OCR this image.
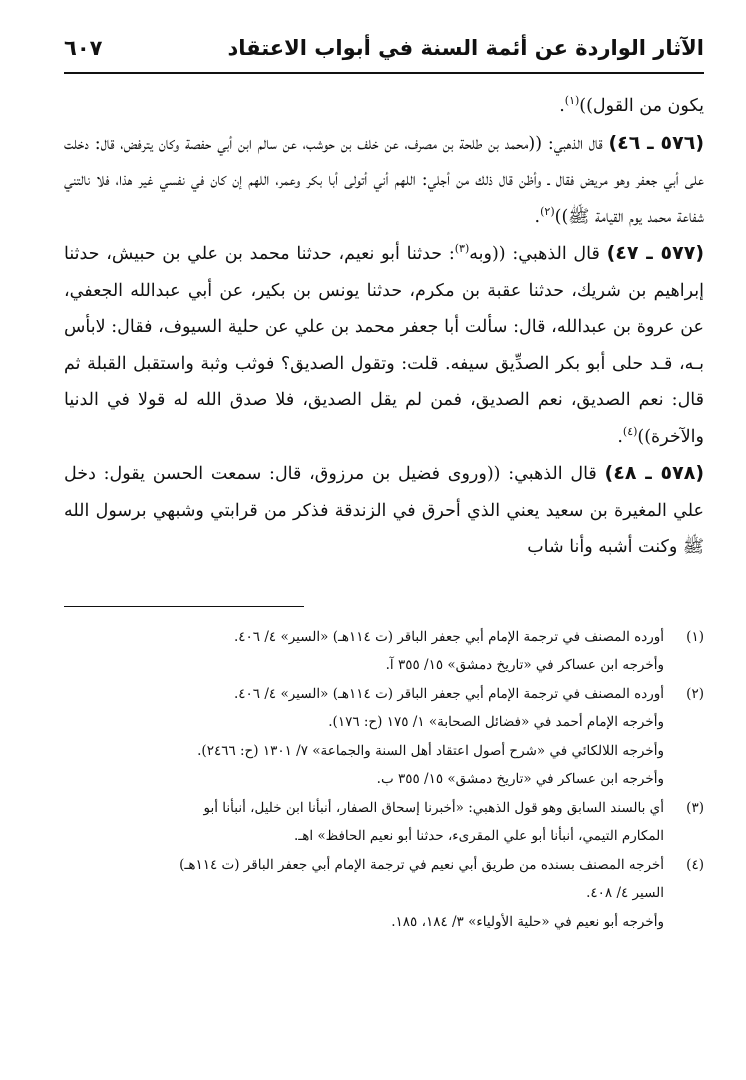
الآثار الواردة عن أئمة السنة في أبواب الاعتقاد
٦٠٧

يكون من القول))$^{(١)}$.

(٥٧٦ ـ ٤٦) قال الذهبي: ((محمد بن طلحة بن مصرف، عن خلف بن حوشب، عن سالم ابن أبي حفصة وكان يترفض، قال: دخلت على أبي جعفر وهو مريض فقال ـ وأظن قال ذلك من أجلي: اللهم أني أتولى أبا بكر وعمر، اللهم إن كان في نفسي غير هذا، فلا نالتني شفاعة محمد يوم القيامة ﷺ))$^{(٢)}$.

(٥٧٧ ـ ٤٧) قال الذهبي: ((وبه$^{(٣)}$: حدثنا أبو نعيم، حدثنا محمد بن علي بن حبيش، حدثنا إبراهيم بن شريك، حدثنا عقبة بن مكرم، حدثنا يونس بن بكير، عن أبي عبدالله الجعفي، عن عروة بن عبدالله، قال: سألت أبا جعفر محمد بن علي عن حلية السيوف، فقال: لابأس بـه، قـد حلى أبو بكر الصدِّيق سيفه. قلت: وتقول الصديق؟ فوثب وثبة واستقبل القبلة ثم قال: نعم الصديق، نعم الصديق، فمن لم يقل الصديق، فلا صدق الله له قولا في الدنيا والآخرة))$^{(٤)}$.

(٥٧٨ ـ ٤٨) قال الذهبي: ((وروى فضيل بن مرزوق، قال: سمعت الحسن يقول: دخل علي المغيرة بن سعيد يعني الذي أحرق في الزندقة فذكر من قرابتي وشبهي برسول الله ﷺ وكنت أشبه وأنا شاب

(١)
أورده المصنف في ترجمة الإمام أبي جعفر الباقر (ت ١١٤هـ) «السير» ٤/ ٤٠٦.
وأخرجه ابن عساكر في «تاريخ دمشق» ١٥/ ٣٥٥ آ.
(٢)
أورده المصنف في ترجمة الإمام أبي جعفر الباقر (ت ١١٤هـ) «السير» ٤/ ٤٠٦.
وأخرجه الإمام أحمد في «فضائل الصحابة» ١/ ١٧٥ (ح: ١٧٦).
وأخرجه اللالكائي في «شرح أصول اعتقاد أهل السنة والجماعة» ٧/ ١٣٠١ (ح: ٢٤٦٦).
وأخرجه ابن عساكر في «تاريخ دمشق» ١٥/ ٣٥٥ ب.
(٣)
أي بالسند السابق وهو قول الذهبي: «أخبرنا إسحاق الصفار، أنبأنا ابن خليل، أنبأنا أبو
المكارم التيمي، أنبأنا أبو علي المقرىء، حدثنا أبو نعيم الحافظ» اهـ.
(٤)
أخرجه المصنف بسنده من طريق أبي نعيم في ترجمة الإمام أبي جعفر الباقر (ت ١١٤هـ)
السير ٤/ ٤٠٨.
وأخرجه أبو نعيم في «حلية الأولياء» ٣/ ١٨٤، ١٨٥.
